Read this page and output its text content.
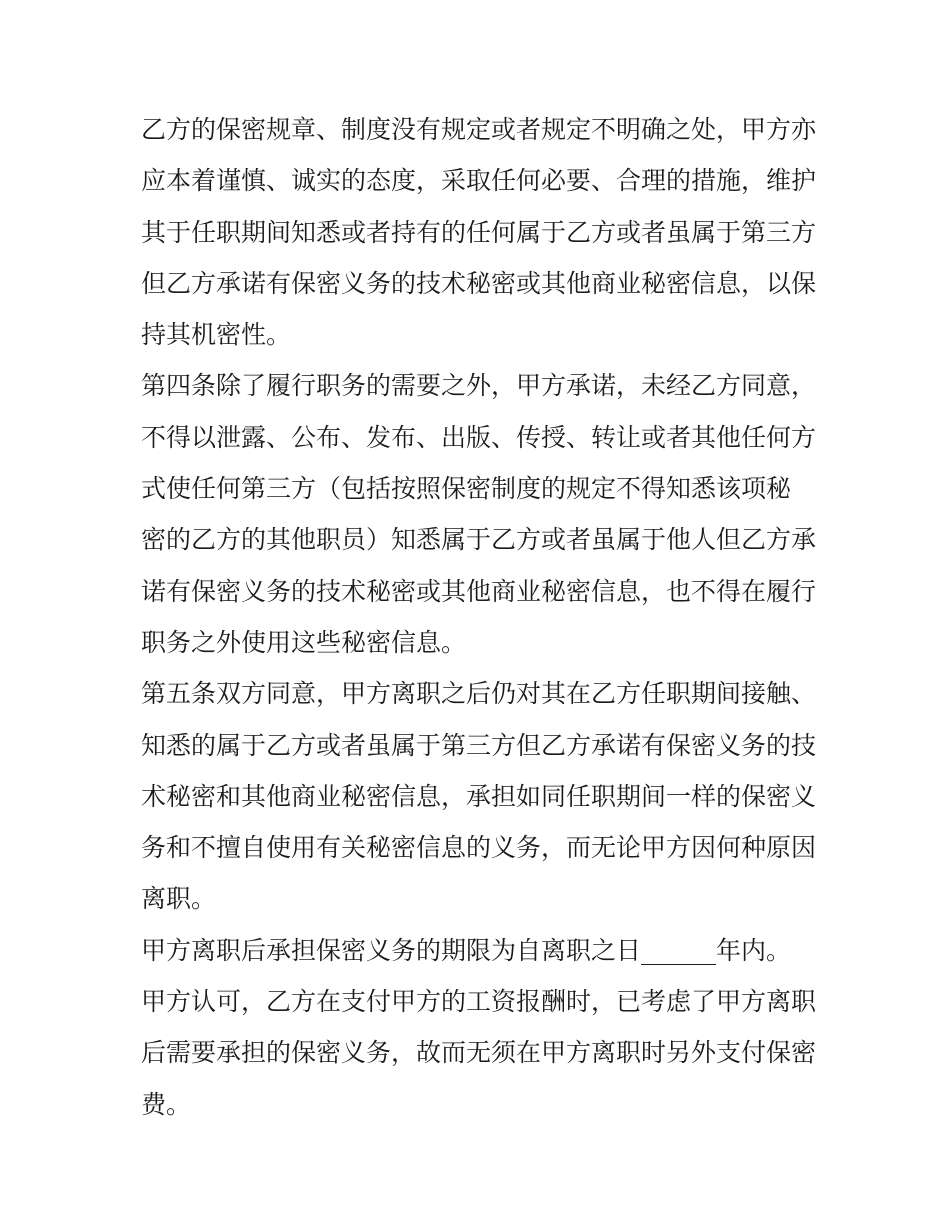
乙方的保密规章、制度没有规定或者规定不明确之处，甲方亦
应本着谨慎、诚实的态度，采取任何必要、合理的措施，维护
其于任职期间知悉或者持有的任何属于乙方或者虽属于第三方
但乙方承诺有保密义务的技术秘密或其他商业秘密信息，以保
持其机密性。
第四条除了履行职务的需要之外，甲方承诺，未经乙方同意，
不得以泄露、公布、发布、出版、传授、转让或者其他任何方
式使任何第三方（包括按照保密制度的规定不得知悉该项秘
密的乙方的其他职员）知悉属于乙方或者虽属于他人但乙方承
诺有保密义务的技术秘密或其他商业秘密信息，也不得在履行
职务之外使用这些秘密信息。
第五条双方同意，甲方离职之后仍对其在乙方任职期间接触、
知悉的属于乙方或者虽属于第三方但乙方承诺有保密义务的技
术秘密和其他商业秘密信息，承担如同任职期间一样的保密义
务和不擅自使用有关秘密信息的义务，而无论甲方因何种原因
离职。
甲方离职后承担保密义务的期限为自离职之日______年内。
甲方认可，乙方在支付甲方的工资报酬时，已考虑了甲方离职
后需要承担的保密义务，故而无须在甲方离职时另外支付保密
费。
